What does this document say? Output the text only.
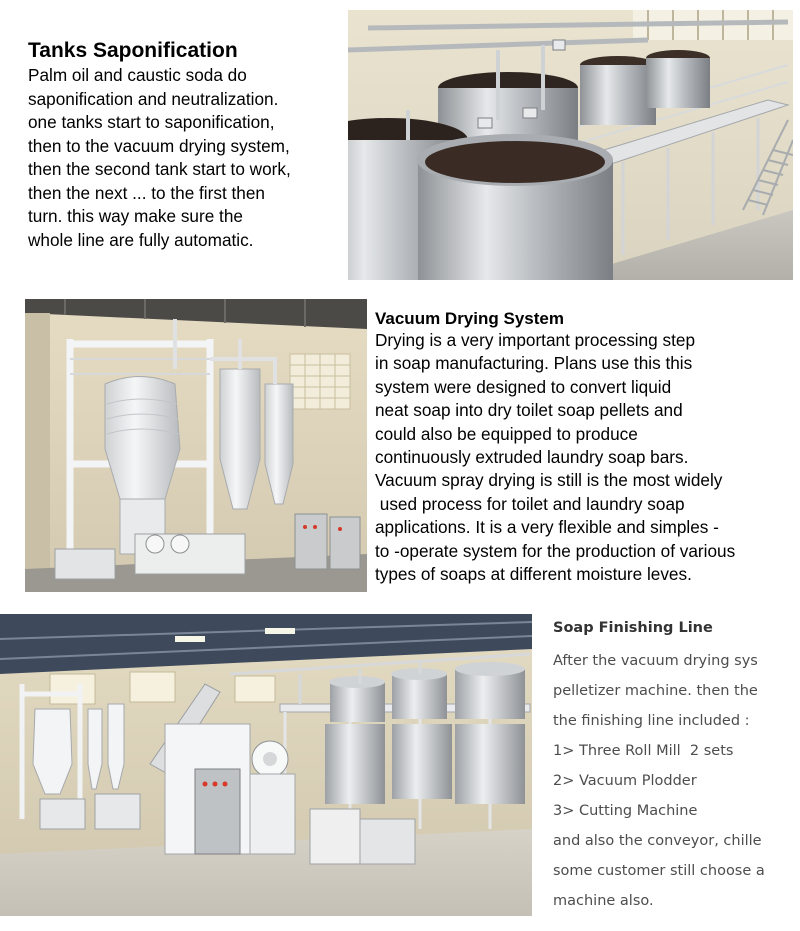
Tanks Saponification

Palm oil and caustic soda do

saponification and neutralization.

one tanks start to saponification,

then to the vacuum drying system,

then the second tank start to work,

then the next ... to the first then

turn. this way make sure the

whole line are fully automatic.

Vacuum Drying System

Drying is a very important processing step

in soap manufacturing. Plans use this this

system were designed to convert liquid

neat soap into dry toilet soap pellets and

could also be equipped to produce

continuously extruded laundry soap bars.

Vacuum spray drying is still is the most widely

used process for toilet and laundry soap

applications. It is a very flexible and simples -

to -operate system for the production of various

types of soaps at different moisture leves.

Soap Finishing Line

After the vacuum drying sys

pelletizer machine. then the

the finishing line included :

1> Three Roll Mill  2 sets

2> Vacuum Plodder

3> Cutting Machine

and also the conveyor, chille

some customer still choose a

machine also.
